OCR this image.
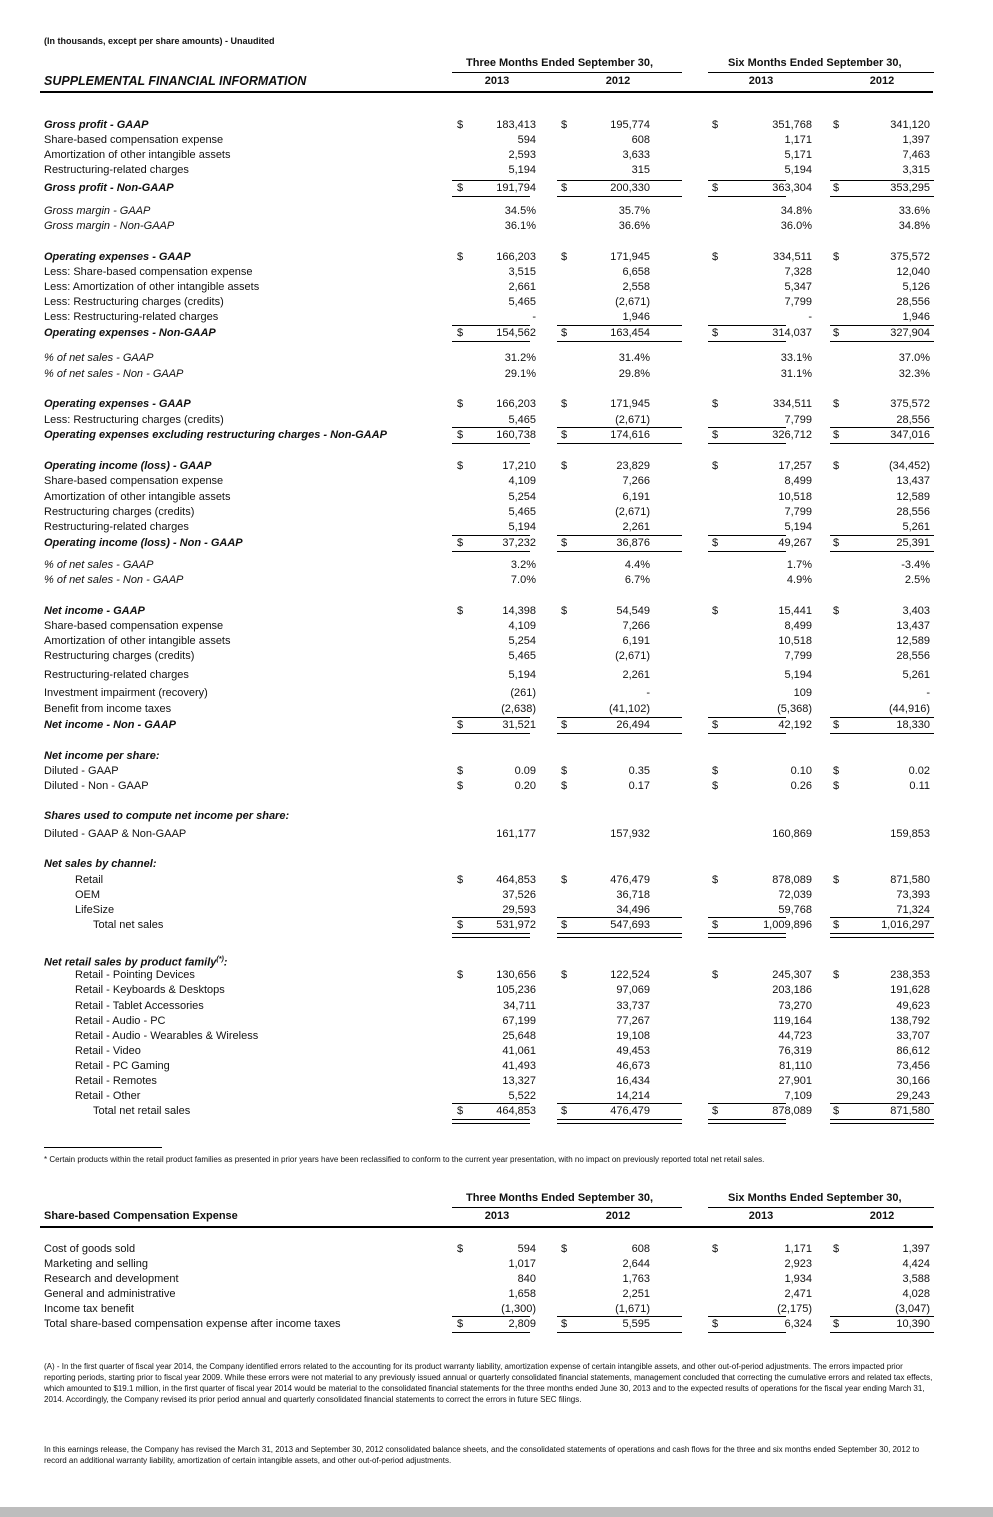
(In thousands, except per share amounts) - Unaudited
Three Months Ended September 30,	Six Months Ended September 30,
2013	2012	2013	2012
SUPPLEMENTAL FINANCIAL INFORMATION
Gross profit - GAAP	$	183,413 $	195,774	$	351,768 $	341,120
Share-based compensation expense	594	608	1,171	1,397
Amortization of other intangible assets	2,593	3,633	5,171	7,463
Restructuring-related charges	5,194	315	5,194	3,315
Gross profit - Non-GAAP	$	191,794 $	200,330	$	363,304 $	353,295
Gross margin - GAAP	34.5%	35.7%	34.8%	33.6%
Gross margin - Non-GAAP	36.1%	36.6%	36.0%	34.8%
Operating expenses - GAAP	$	166,203 $	171,945	$	334,511 $	375,572
Less: Share-based compensation expense	3,515	6,658	7,328	12,040
Less: Amortization of other intangible assets	2,661	2,558	5,347	5,126
Less: Restructuring charges (credits)	5,465	(2,671)	7,799	28,556
Less: Restructuring-related charges	-	1,946	-	1,946
Operating expenses - Non-GAAP	$	154,562 $	163,454	$	314,037 $	327,904
% of net sales - GAAP	31.2%	31.4%	33.1%	37.0%
% of net sales - Non - GAAP	29.1%	29.8%	31.1%	32.3%
Operating expenses - GAAP	$	166,203 $	171,945	$	334,511 $	375,572
Less: Restructuring charges (credits)	5,465	(2,671)	7,799	28,556
Operating expenses excluding restructuring charges - Non-GAAP	$	160,738 $	174,616	$	326,712 $	347,016
Operating income (loss) - GAAP	$	17,210 $	23,829	$	17,257 $	(34,452)
Share-based compensation expense	4,109	7,266	8,499	13,437
Amortization of other intangible assets	5,254	6,191	10,518	12,589
Restructuring charges (credits)	5,465	(2,671)	7,799	28,556
Restructuring-related charges	5,194	2,261	5,194	5,261
Operating income (loss) - Non - GAAP	$	37,232 $	36,876	$	49,267 $	25,391
% of net sales - GAAP	3.2%	4.4%	1.7%	-3.4%
% of net sales - Non - GAAP	7.0%	6.7%	4.9%	2.5%
Net income - GAAP	$	14,398 $	54,549	$	15,441 $	3,403
Share-based compensation expense	4,109	7,266	8,499	13,437
Amortization of other intangible assets	5,254	6,191	10,518	12,589
Restructuring charges (credits)	5,465	(2,671)	7,799	28,556
Restructuring-related charges	5,194	2,261	5,194	5,261
Investment impairment (recovery)	(261)	-	109	-
Benefit from income taxes	(2,638)	(41,102)	(5,368)	(44,916)
Net income - Non - GAAP	$	31,521 $	26,494	$	42,192 $	18,330
Net income per share:
Diluted - GAAP	$	0.09 $	0.35	$	0.10 $	0.02
Diluted - Non - GAAP	$	0.20 $	0.17	$	0.26 $	0.11
Shares used to compute net income per share:
Diluted - GAAP & Non-GAAP	161,177	157,932	160,869	159,853
Net sales by channel:
Retail	$	464,853 $	476,479	$	878,089 $	871,580
OEM	37,526	36,718	72,039	73,393
LifeSize	29,593	34,496	59,768	71,324
Total net sales	$	531,972 $	547,693	$	1,009,896 $	1,016,297
Net retail sales by product family(*):
Retail - Pointing Devices	$	130,656 $	122,524	$	245,307 $	238,353
Retail - Keyboards & Desktops	105,236	97,069	203,186	191,628
Retail - Tablet Accessories	34,711	33,737	73,270	49,623
Retail - Audio - PC	67,199	77,267	119,164	138,792
Retail - Audio - Wearables & Wireless	25,648	19,108	44,723	33,707
Retail - Video	41,061	49,453	76,319	86,612
Retail - PC Gaming	41,493	46,673	81,110	73,456
Retail - Remotes	13,327	16,434	27,901	30,166
Retail - Other	5,522	14,214	7,109	29,243
Total net retail sales	$	464,853 $	476,479	$	878,089 $	871,580
* Certain products within the retail product families as presented in prior years have been reclassified to conform to the current year presentation, with no impact on previously reported total net retail sales.
Three Months Ended September 30,	Six Months Ended September 30,
2013	2012	2013	2012
Share-based Compensation Expense
Cost of goods sold	$	594 $	608	$	1,171 $	1,397
Marketing and selling	1,017	2,644	2,923	4,424
Research and development	840	1,763	1,934	3,588
General and administrative	1,658	2,251	2,471	4,028
Income tax benefit	(1,300)	(1,671)	(2,175)	(3,047)
Total share-based compensation expense after income taxes	$	2,809 $	5,595	$	6,324 $	10,390
(A) - In the first quarter of fiscal year 2014, the Company identified errors related to the accounting for its product warranty liability, amortization expense of certain intangible assets, and other out-of-period adjustments. The errors impacted prior reporting periods, starting prior to fiscal year 2009. While these errors were not material to any previously issued annual or quarterly consolidated financial statements, management concluded that correcting the cumulative errors and related tax effects, which amounted to $19.1 million, in the first quarter of fiscal year 2014 would be material to the consolidated financial statements for the three months ended June 30, 2013 and to the expected results of operations for the fiscal year ending March 31, 2014. Accordingly, the Company revised its prior period annual and quarterly consolidated financial statements to correct the errors in future SEC filings.
In this earnings release, the Company has revised the March 31, 2013 and September 30, 2012 consolidated balance sheets, and the consolidated statements of operations and cash flows for the three and six months ended September 30, 2012 to record an additional warranty liability, amortization of certain intangible assets, and other out-of-period adjustments.
